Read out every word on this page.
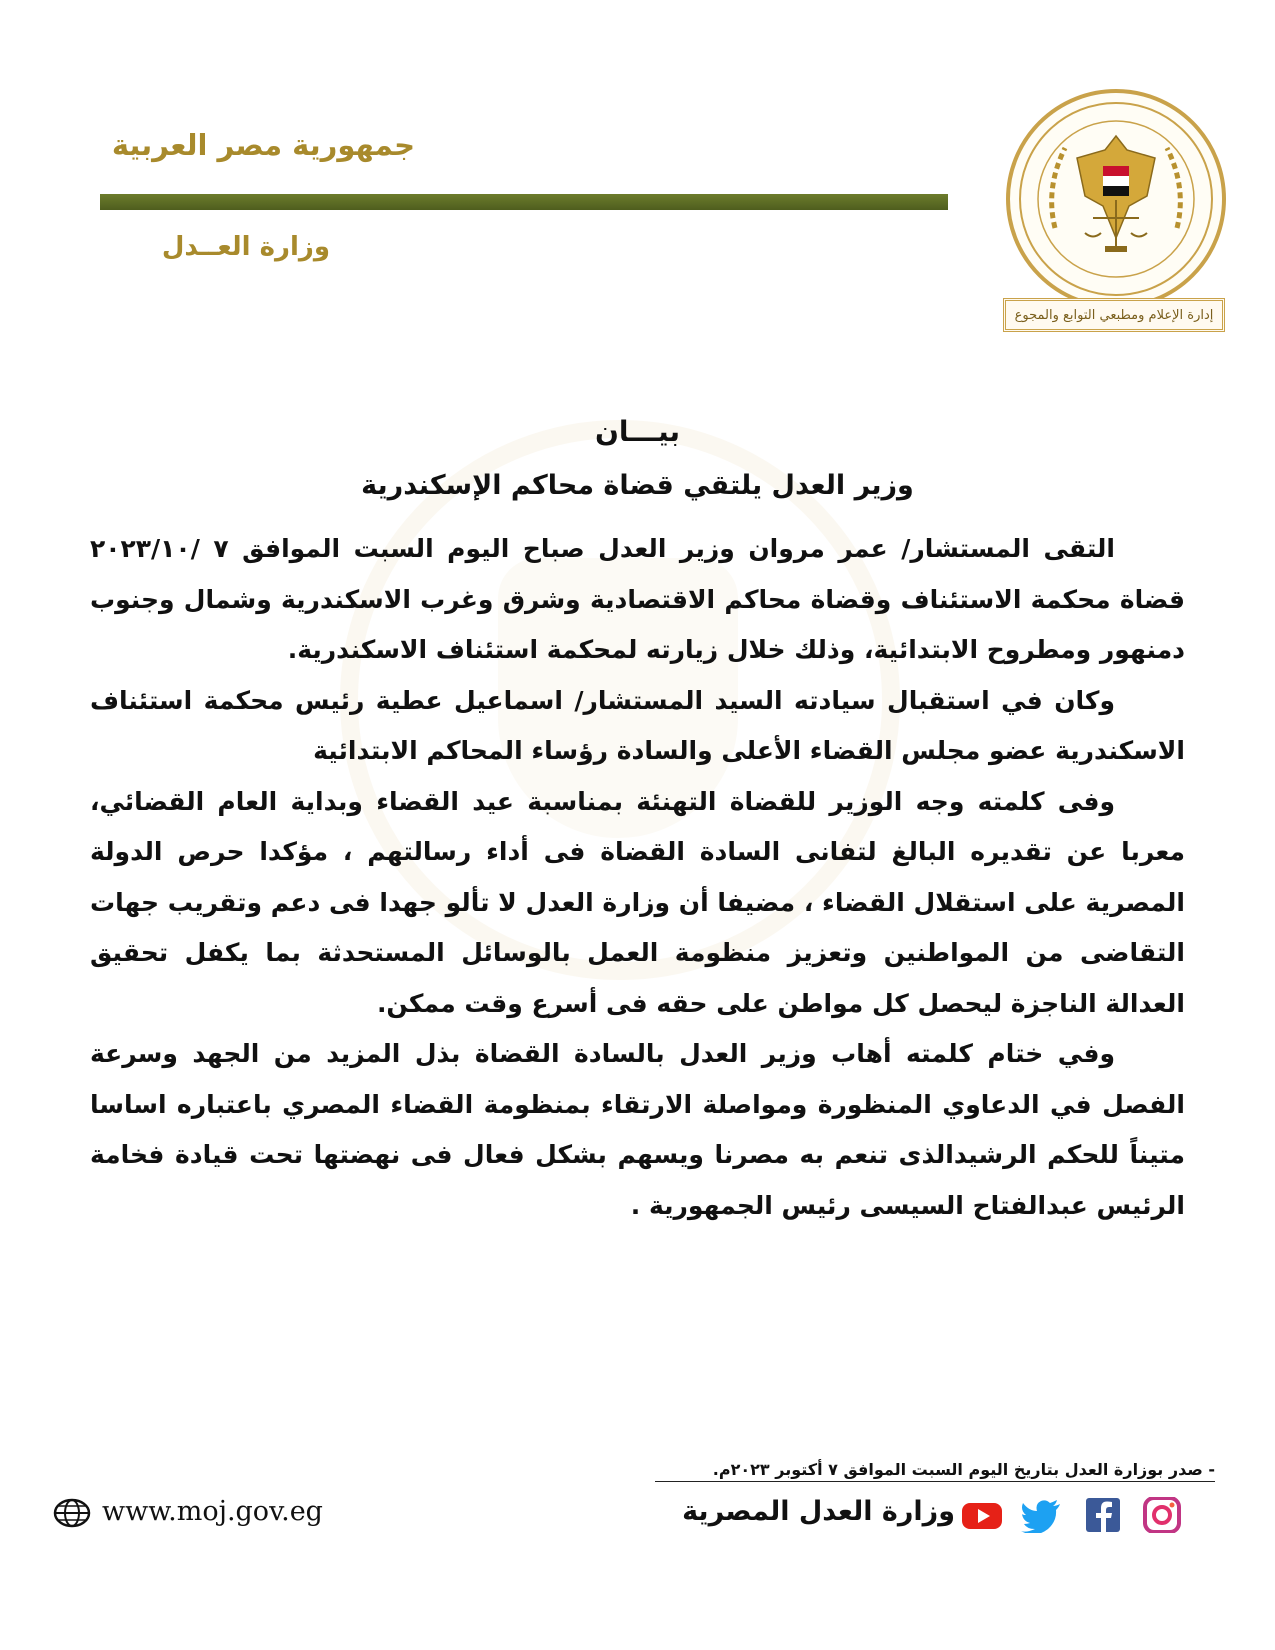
جمهورية مصر العربية
وزارة العــدل
إدارة الإعلام ومطبعي التوابع والمجوع
بيـــان
وزير العدل يلتقي قضاة محاكم الإسكندرية

التقى المستشار/ عمر مروان وزير العدل صباح اليوم السبت الموافق ٧ /٢٠٢٣/١٠ قضاة محكمة الاستئناف وقضاة محاكم الاقتصادية وشرق وغرب الاسكندرية وشمال وجنوب دمنهور ومطروح الابتدائية، وذلك خلال زيارته لمحكمة استئناف الاسكندرية.

وكان في استقبال سيادته السيد المستشار/ اسماعيل عطية رئيس محكمة استئناف الاسكندرية عضو مجلس القضاء الأعلى والسادة رؤساء المحاكم الابتدائية

وفى كلمته وجه الوزير للقضاة التهنئة بمناسبة عيد القضاء وبداية العام القضائي، معربا عن تقديره البالغ لتفانى السادة القضاة فى أداء رسالتهم ، مؤكدا حرص الدولة المصرية على استقلال القضاء ، مضيفا أن وزارة العدل لا تألو جهدا فى دعم وتقريب جهات التقاضى من المواطنين وتعزيز منظومة العمل بالوسائل المستحدثة بما يكفل تحقيق العدالة الناجزة ليحصل كل مواطن على حقه فى أسرع وقت ممكن.

وفي ختام كلمته أهاب وزير العدل بالسادة القضاة بذل المزيد من الجهد وسرعة الفصل في الدعاوي المنظورة ومواصلة الارتقاء بمنظومة القضاء المصري باعتباره اساسا متيناً للحكم الرشيدالذى تنعم به مصرنا ويسهم بشكل فعال فى نهضتها تحت قيادة فخامة الرئيس عبدالفتاح السيسى رئيس الجمهورية .

- صدر بوزارة العدل بتاريخ اليوم السبت الموافق ٧ أكتوبر ٢٠٢٣م.
وزارة العدل المصرية
www.moj.gov.eg
